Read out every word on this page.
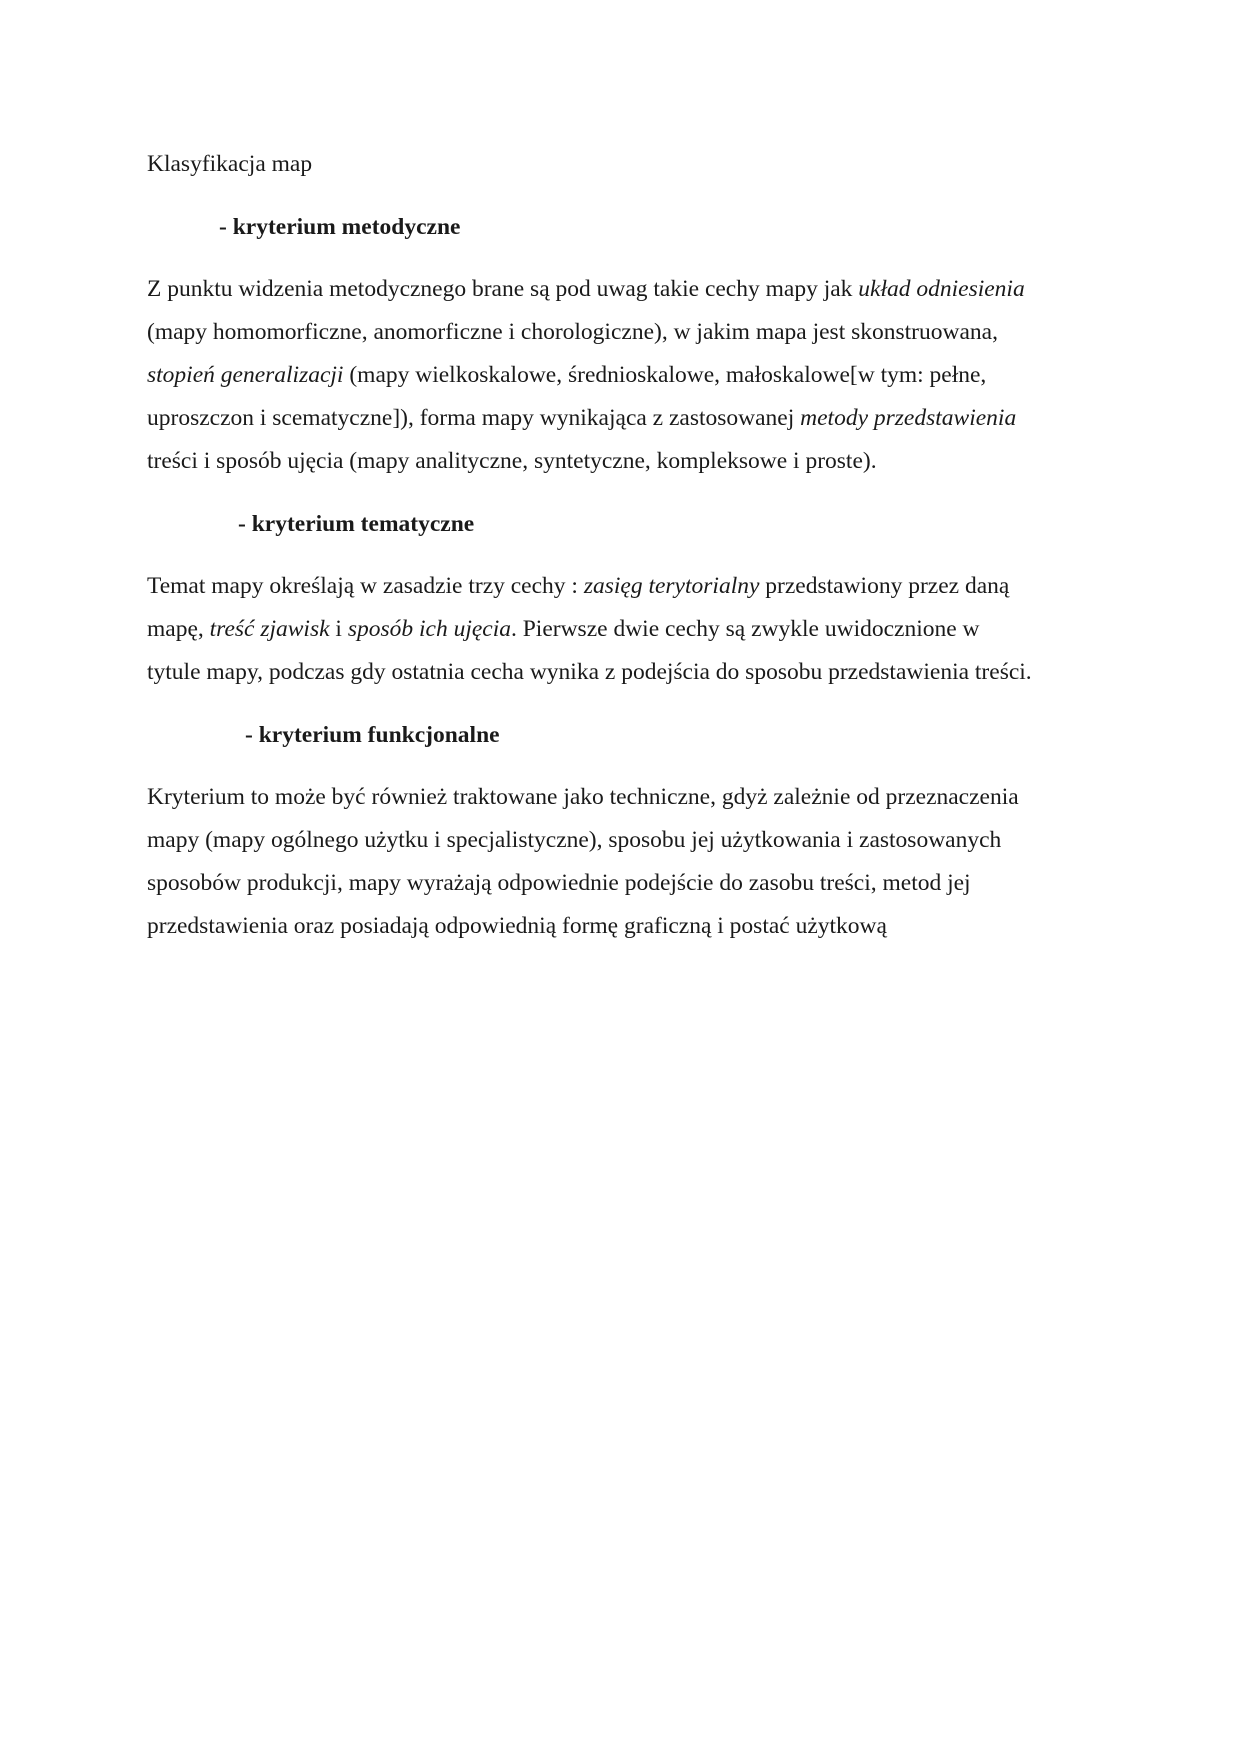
Klasyfikacja map

- kryterium metodyczne

Z punktu widzenia metodycznego brane są pod uwag takie cechy mapy jak układ odniesienia
(mapy homomorficzne, anomorficzne i chorologiczne), w jakim mapa jest skonstruowana,
stopień generalizacji (mapy wielkoskalowe, średnioskalowe, małoskalowe[w tym: pełne,
uproszczon i scematyczne]), forma mapy wynikająca z zastosowanej metody przedstawienia
treści i sposób ujęcia (mapy analityczne, syntetyczne, kompleksowe i proste).

- kryterium tematyczne

Temat mapy określają w zasadzie trzy cechy : zasięg terytorialny przedstawiony przez daną
mapę, treść zjawisk i sposób ich ujęcia. Pierwsze dwie cechy są zwykle uwidocznione w
tytule mapy, podczas gdy ostatnia cecha wynika z podejścia do sposobu przedstawienia treści.

- kryterium funkcjonalne

Kryterium to może być również traktowane jako techniczne, gdyż zależnie od przeznaczenia
mapy (mapy ogólnego użytku i specjalistyczne), sposobu jej użytkowania i zastosowanych
sposobów produkcji, mapy wyrażają odpowiednie podejście do zasobu treści, metod jej
przedstawienia oraz posiadają odpowiednią formę graficzną i postać użytkową
